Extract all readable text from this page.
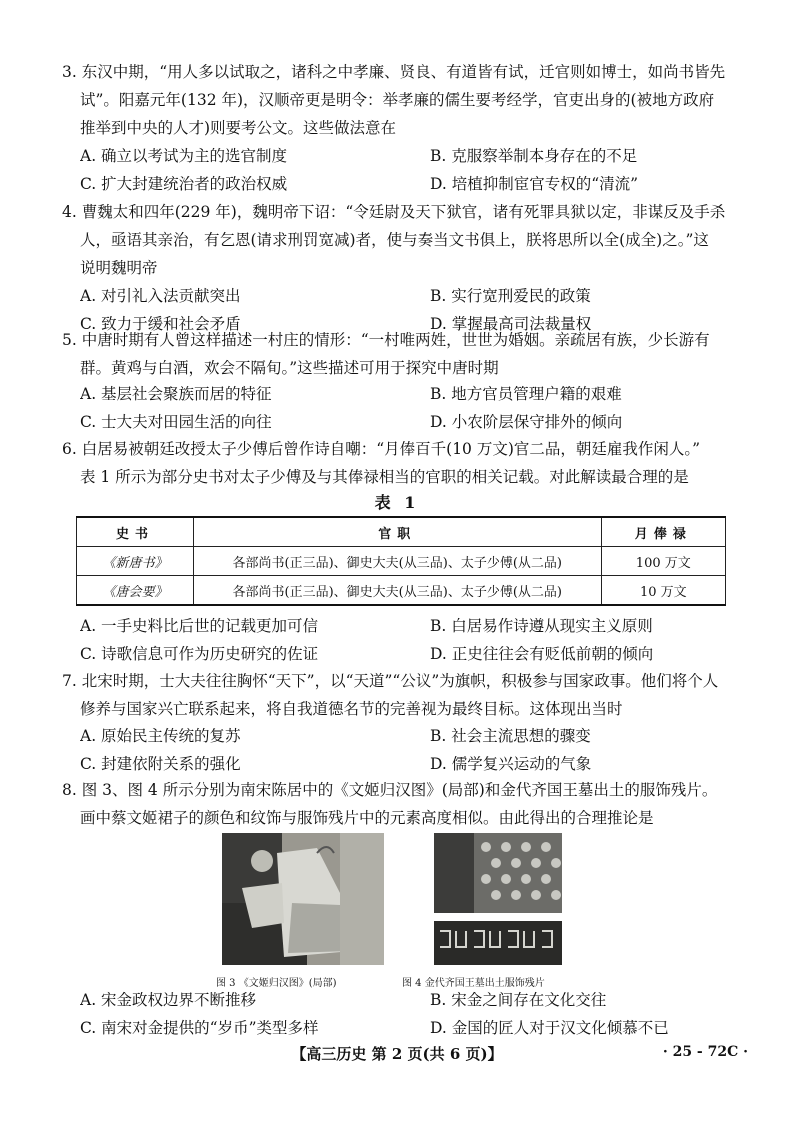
3. 东汉中期，“用人多以试取之，诸科之中孝廉、贤良、有道皆有试，迁官则如博士，如尚书皆先
试”。阳嘉元年(132 年)，汉顺帝更是明令：举孝廉的儒生要考经学，官吏出身的(被地方政府
推举到中央的人才)则要考公文。这些做法意在
A. 确立以考试为主的选官制度	B. 克服察举制本身存在的不足
C. 扩大封建统治者的政治权威	D. 培植抑制宦官专权的“清流”
4. 曹魏太和四年(229 年)，魏明帝下诏：“令廷尉及天下狱官，诸有死罪具狱以定，非谋反及手杀
人，亟语其亲治，有乞恩(请求刑罚宽减)者，使与奏当文书俱上，朕将思所以全(成全)之。”这
说明魏明帝
A. 对引礼入法贡献突出	B. 实行宽刑爱民的政策
C. 致力于缓和社会矛盾	D. 掌握最高司法裁量权
5. 中唐时期有人曾这样描述一村庄的情形：“一村唯两姓，世世为婚姻。亲疏居有族，少长游有
群。黄鸡与白酒，欢会不隔旬。”这些描述可用于探究中唐时期
A. 基层社会聚族而居的特征	B. 地方官员管理户籍的艰难
C. 士大夫对田园生活的向往	D. 小农阶层保守排外的倾向
6. 白居易被朝廷改授太子少傅后曾作诗自嘲：“月俸百千(10 万文)官二品，朝廷雇我作闲人。”
表 1 所示为部分史书对太子少傅及与其俸禄相当的官职的相关记载。对此解读最合理的是
表 1
史书	官职	月俸禄
《新唐书》	各部尚书(正三品)、御史大夫(从三品)、太子少傅(从二品)	100 万文
《唐会要》	各部尚书(正三品)、御史大夫(从三品)、太子少傅(从二品)	10 万文
A. 一手史料比后世的记载更加可信	B. 白居易作诗遵从现实主义原则
C. 诗歌信息可作为历史研究的佐证	D. 正史往往会有贬低前朝的倾向
7. 北宋时期，士大夫往往胸怀“天下”，以“天道”“公议”为旗帜，积极参与国家政事。他们将个人
修养与国家兴亡联系起来，将自我道德名节的完善视为最终目标。这体现出当时
A. 原始民主传统的复苏	B. 社会主流思想的骤变
C. 封建依附关系的强化	D. 儒学复兴运动的气象
8. 图 3、图 4 所示分别为南宋陈居中的《文姬归汉图》(局部)和金代齐国王墓出土的服饰残片。
画中蔡文姬裙子的颜色和纹饰与服饰残片中的元素高度相似。由此得出的合理推论是
图 3 《文姬归汉图》(局部)	图 4 金代齐国王墓出土服饰残片
A. 宋金政权边界不断推移	B. 宋金之间存在文化交往
C. 南宋对金提供的“岁币”类型多样	D. 金国的匠人对于汉文化倾慕不已
【高三历史 第 2 页(共 6 页)】	· 25 - 72C ·
